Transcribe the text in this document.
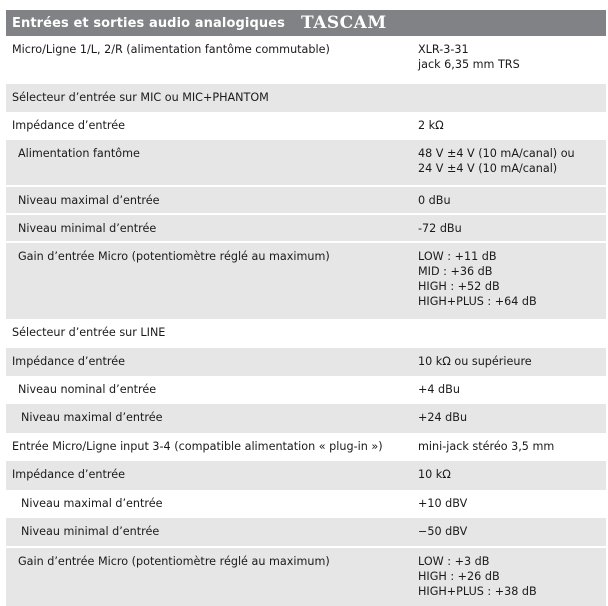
Entrées et sorties audio analogiques TASCAM
Micro/Ligne 1/L, 2/R (alimentation fantôme commutable)	XLR-3-31
jack 6,35 mm TRS

Sélecteur d’entrée sur MIC ou MIC+PHANTOM	

Impédance d’entrée	2 kΩ

Alimentation fantôme	48 V ±4 V (10 mA/canal) ou
24 V ±4 V (10 mA/canal)

Niveau maximal d’entrée	0 dBu

Niveau minimal d’entrée	-72 dBu

Gain d’entrée Micro (potentiomètre réglé au maximum)	LOW : +11 dB
MID : +36 dB
HIGH : +52 dB
HIGH+PLUS : +64 dB

Sélecteur d’entrée sur LINE	

Impédance d’entrée	10 kΩ ou supérieure

Niveau nominal d’entrée	+4 dBu

Niveau maximal d’entrée	+24 dBu

Entrée Micro/Ligne input 3-4 (compatible alimentation « plug-in »)	mini-jack stéréo 3,5 mm

Impédance d’entrée	10 kΩ

Niveau maximal d’entrée	+10 dBV

Niveau minimal d’entrée	−50 dBV

Gain d’entrée Micro (potentiomètre réglé au maximum)	LOW : +3 dB
HIGH : +26 dB
HIGH+PLUS : +38 dB
